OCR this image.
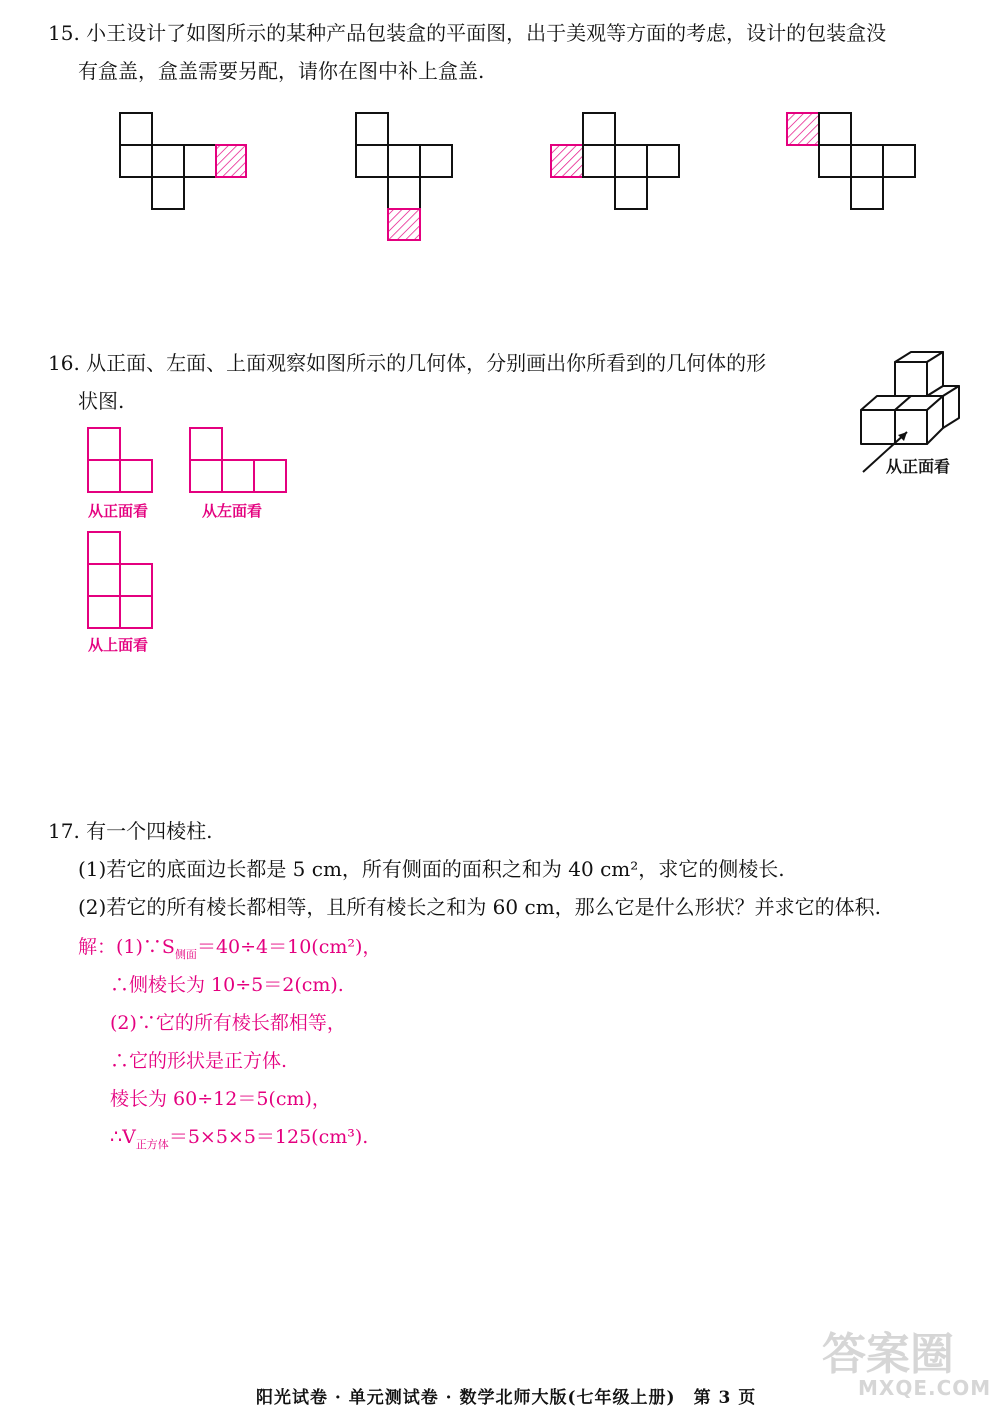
15. 小王设计了如图所示的某种产品包装盒的平面图，出于美观等方面的考虑，设计的包装盒没
有盒盖，盒盖需要另配，请你在图中补上盒盖.
16. 从正面、左面、上面观察如图所示的几何体，分别画出你所看到的几何体的形
状图.
从正面看
从正面看	从左面看
从上面看
17. 有一个四棱柱.
(1)若它的底面边长都是 5 cm，所有侧面的面积之和为 40 cm²，求它的侧棱长.
(2)若它的所有棱长都相等，且所有棱长之和为 60 cm，那么它是什么形状？并求它的体积.
解：$(1)\because S_{侧面}=40\div 4=10(cm^2)$，
∴侧棱长为 10÷5＝2(cm).
(2)∵它的所有棱长都相等，
∴它的形状是正方体.
棱长为 60÷12＝5(cm)，
$\therefore V_{正方体}=5\times 5\times 5=125(cm^3)$.
阳光试卷 · 单元测试卷 · 数学北师大版(七年级上册)　第 3 页
答案圈
MXQE.COM
